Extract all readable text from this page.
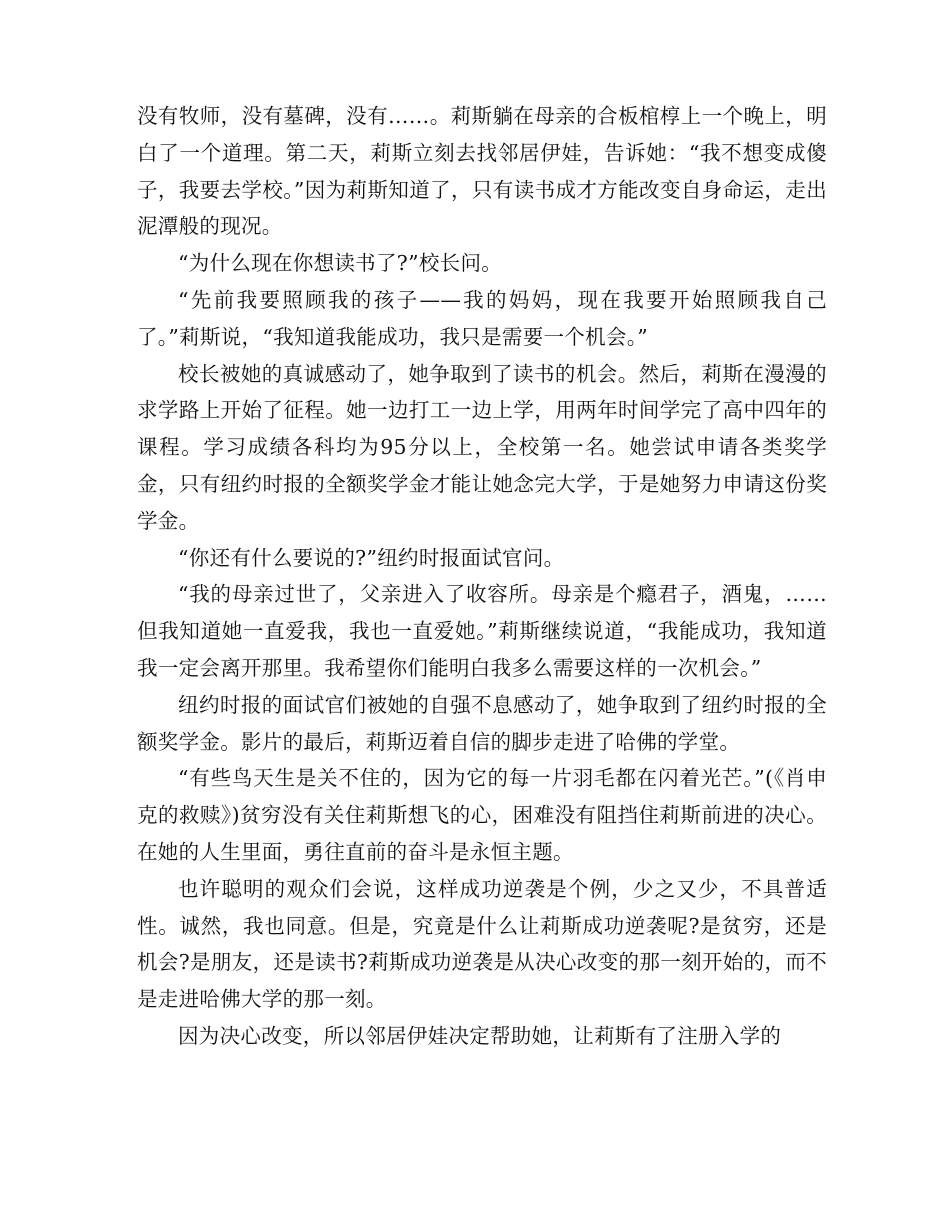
没有牧师，没有墓碑，没有……。莉斯躺在母亲的合板棺椁上一个晚上，明白了一个道理。第二天，莉斯立刻去找邻居伊娃，告诉她：“我不想变成傻子，我要去学校。”因为莉斯知道了，只有读书成才方能改变自身命运，走出泥潭般的现况。

“为什么现在你想读书了?”校长问。

“先前我要照顾我的孩子——我的妈妈，现在我要开始照顾我自己了。”莉斯说，“我知道我能成功，我只是需要一个机会。”

校长被她的真诚感动了，她争取到了读书的机会。然后，莉斯在漫漫的求学路上开始了征程。她一边打工一边上学，用两年时间学完了高中四年的课程。学习成绩各科均为95分以上，全校第一名。她尝试申请各类奖学金，只有纽约时报的全额奖学金才能让她念完大学，于是她努力申请这份奖学金。

“你还有什么要说的?”纽约时报面试官问。

“我的母亲过世了，父亲进入了收容所。母亲是个瘾君子，酒鬼，……但我知道她一直爱我，我也一直爱她。”莉斯继续说道，“我能成功，我知道我一定会离开那里。我希望你们能明白我多么需要这样的一次机会。”

纽约时报的面试官们被她的自强不息感动了，她争取到了纽约时报的全额奖学金。影片的最后，莉斯迈着自信的脚步走进了哈佛的学堂。

“有些鸟天生是关不住的，因为它的每一片羽毛都在闪着光芒。”(《肖申克的救赎》)贫穷没有关住莉斯想飞的心，困难没有阻挡住莉斯前进的决心。在她的人生里面，勇往直前的奋斗是永恒主题。

也许聪明的观众们会说，这样成功逆袭是个例，少之又少，不具普适性。诚然，我也同意。但是，究竟是什么让莉斯成功逆袭呢?是贫穷，还是机会?是朋友，还是读书?莉斯成功逆袭是从决心改变的那一刻开始的，而不是走进哈佛大学的那一刻。

因为决心改变，所以邻居伊娃决定帮助她，让莉斯有了注册入学的
